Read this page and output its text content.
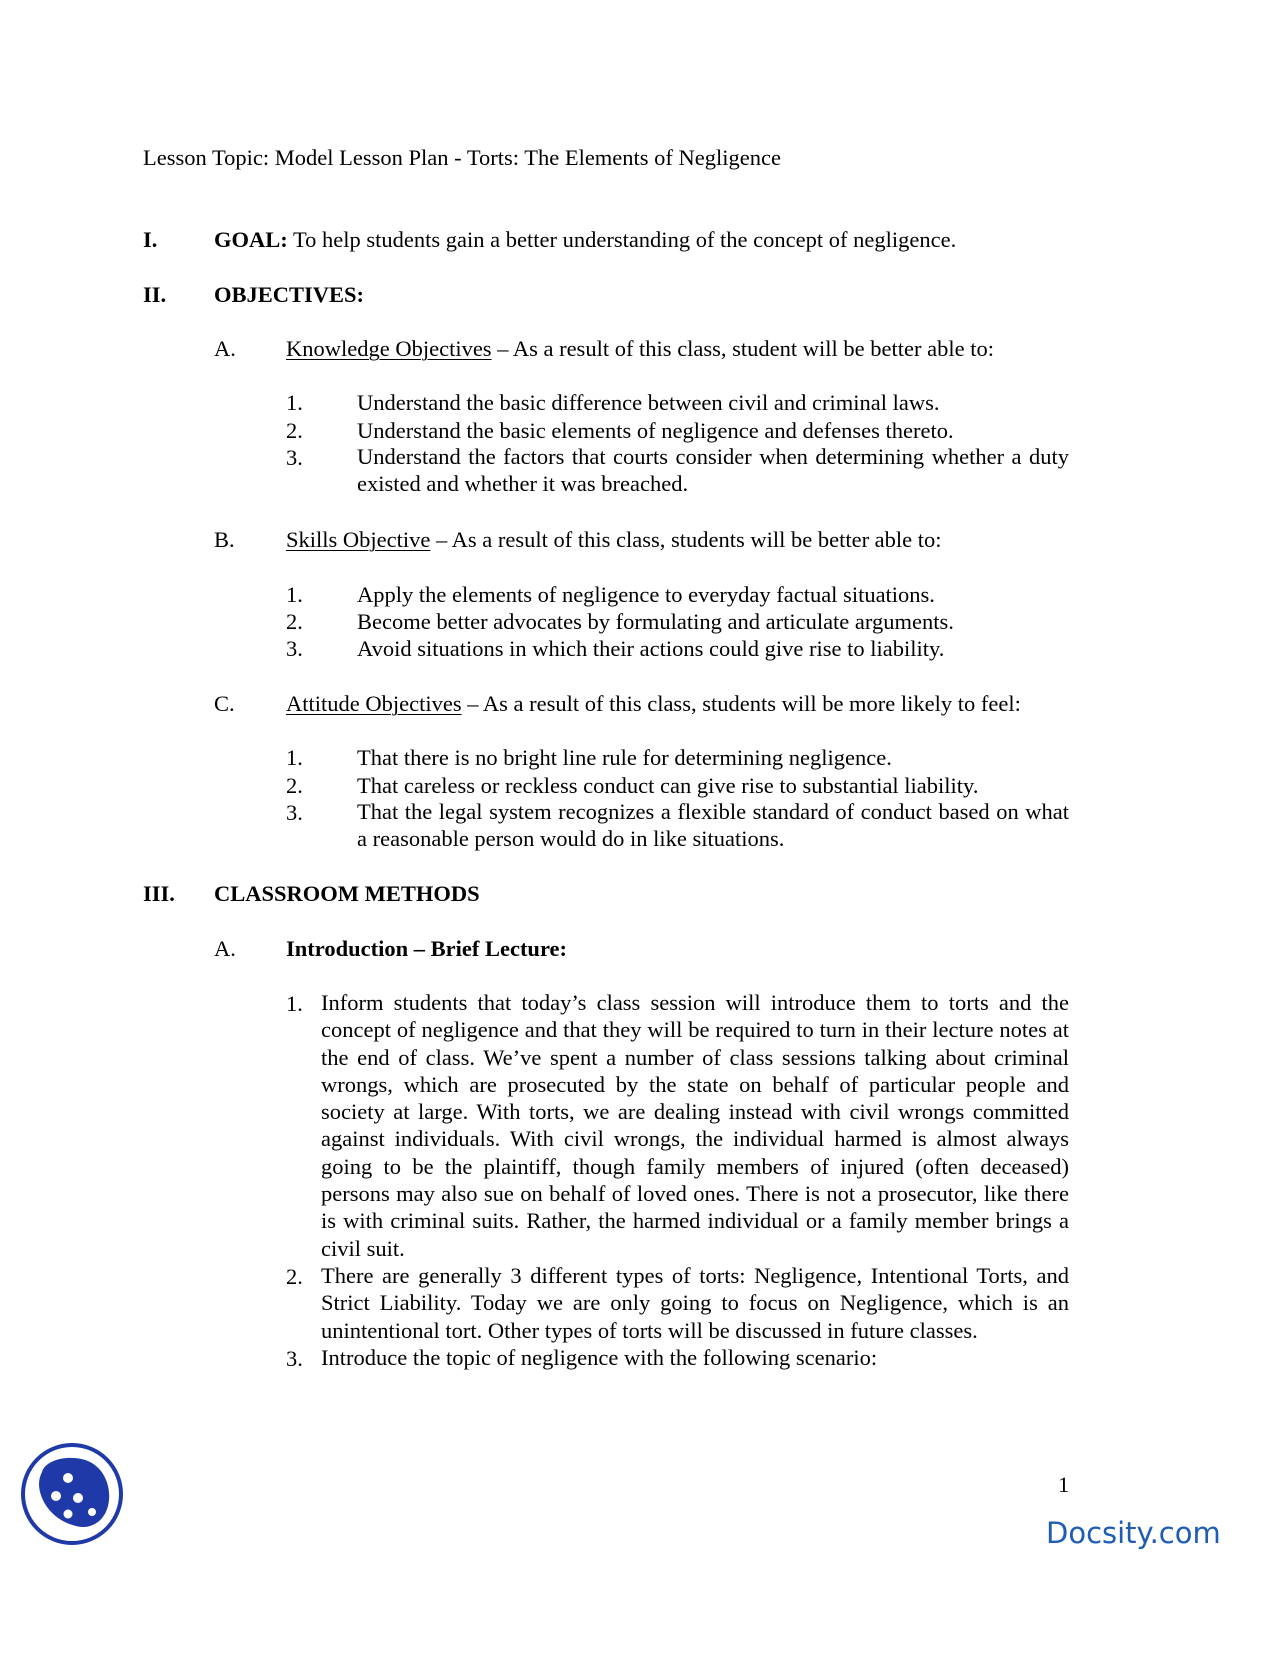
Lesson Topic: Model Lesson Plan - Torts: The Elements of Negligence
I.	GOAL: To help students gain a better understanding of the concept of negligence.
II. OBJECTIVES:
A. Knowledge Objectives – As a result of this class, student will be better able to:
1. Understand the basic difference between civil and criminal laws.
2. Understand the basic elements of negligence and defenses thereto.
3. Understand the factors that courts consider when determining whether a duty existed and whether it was breached.
B. Skills Objective – As a result of this class, students will be better able to:
1. Apply the elements of negligence to everyday factual situations.
2. Become better advocates by formulating and articulate arguments.
3. Avoid situations in which their actions could give rise to liability.
C. Attitude Objectives – As a result of this class, students will be more likely to feel:
1. That there is no bright line rule for determining negligence.
2. That careless or reckless conduct can give rise to substantial liability.
3. That the legal system recognizes a flexible standard of conduct based on what a reasonable person would do in like situations.
III. CLASSROOM METHODS
A. Introduction – Brief Lecture:
1. Inform students that today’s class session will introduce them to torts and the concept of negligence and that they will be required to turn in their lecture notes at the end of class. We’ve spent a number of class sessions talking about criminal wrongs, which are prosecuted by the state on behalf of particular people and society at large. With torts, we are dealing instead with civil wrongs committed against individuals. With civil wrongs, the individual harmed is almost always going to be the plaintiff, though family members of injured (often deceased) persons may also sue on behalf of loved ones. There is not a prosecutor, like there is with criminal suits. Rather, the harmed individual or a family member brings a civil suit.
2. There are generally 3 different types of torts: Negligence, Intentional Torts, and Strict Liability. Today we are only going to focus on Negligence, which is an unintentional tort. Other types of torts will be discussed in future classes.
3. Introduce the topic of negligence with the following scenario:
1
Docsity.com
